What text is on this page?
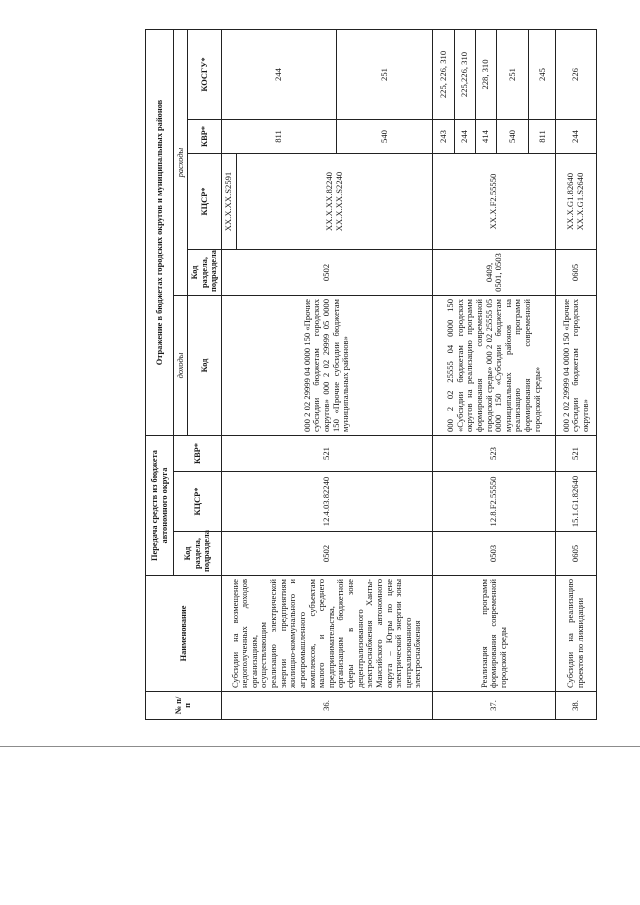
№ п/п	Наименование	Передача средств из бюджета автономного округа			Отражение в бюджетах городских округов и муниципальных районов				
		Код раздела, подраздела	КЦСР*	КВР*	доходы	расходы			
					Код	Код раздела, подраздела	КЦСР*	КВР*	КОСГУ*
36.	Субсидии на возмещение недополученных доходов организациям, осуществляющим реализацию электрической энергии предприятиям жилищно-коммунального и агропромышленного комплексов, субъектам малого и среднего предпринимательства, организациям бюджетной сферы в зоне децентрализованного электроснабжения Ханты-Мансийского автономного округа – Югры по цене электрической энергии зоны централизованного электроснабжения	0502	12.4.03.82240	521	000 2 02 29999 04 0000 150 «Прочие субсидии бюджетам городских округов» 000 2 02 29999 05 0000 150 «Прочие субсидии бюджетам муниципальных районов»	0502	XX.X.XX.S2591	811	244
							XX.X.XX.82240 XX.X.XX.S2240		
								540	251
37.	Реализация программ формирования современной городской среды	0503	12.8.F2.55550	523	000 2 02 25555 04 0000 150 «Субсидии бюджетам городских округов на реализацию программ формирования современной городской среды» 000 2 02 25555 05 0000 150 «Субсидии бюджетам муниципальных районов на реализацию программ формирования современной городской среды»	0409, 0501, 0503	XX.X.F2.55550	243	225, 226, 310
								244	225,226, 310
								414	228, 310
								540	251
								811	245
38.	Субсидии на реализацию проектов по ликвидации	0605	15.1.G1.82640	521	000 2 02 29999 04 0000 150 «Прочие субсидии бюджетам городских округов»	0605	XX.X.G1.82640 XX.X.G1.S2640	244	226
